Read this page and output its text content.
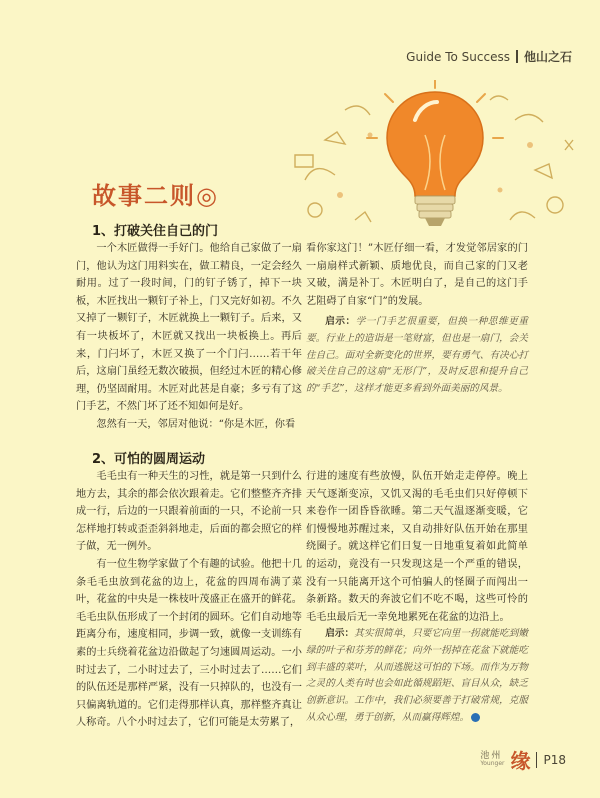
Guide To Success 他山之石
故事二则◎
1、打破关住自己的门

一个木匠做得一手好门。他给自己家做了一扇门，他认为这门用料实在，做工精良，一定会经久耐用。过了一段时间，门的钉子锈了，掉下一块板，木匠找出一颗钉子补上，门又完好如初。不久又掉了一颗钉子，木匠就换上一颗钉子。后来，又有一块板坏了，木匠就又找出一块板换上。再后来，门闩坏了，木匠又换了一个门闩……若干年后，这扇门虽经无数次破损，但经过木匠的精心修理，仍坚固耐用。木匠对此甚是自豪；多亏有了这门手艺，不然门坏了还不知如何是好。

忽然有一天，邻居对他说：“你是木匠，你看

看你家这门！”木匠仔细一看，才发觉邻居家的门一扇扇样式新颖、质地优良，而自己家的门又老又破，满是补丁。木匠明白了，是自己的这门手艺阻碍了自家“门”的发展。

启示：学一门手艺很重要，但换一种思维更重要。行业上的造诣是一笔财富，但也是一扇门，会关住自己。面对全新变化的世界，要有勇气、有决心打破关住自己的这扇“无形门”，及时反思和提升自己的“手艺”，这样才能更多看到外面美丽的风景。
2、可怕的圆周运动

毛毛虫有一种天生的习性，就是第一只到什么地方去，其余的都会依次跟着走。它们整整齐齐排成一行，后边的一只跟着前面的一只，不论前一只怎样地打转或歪歪斜斜地走，后面的都会照它的样子做，无一例外。

有一位生物学家做了个有趣的试验。他把十几条毛毛虫放到花盆的边上，花盆的四周布满了菜叶，花盆的中央是一株枝叶茂盛正在盛开的鲜花。毛毛虫队伍形成了一个封闭的圆环。它们自动地等距离分布，速度相同，步调一致，就像一支训练有素的士兵绕着花盆边沿做起了匀速圆周运动。一小时过去了，二小时过去了，三小时过去了……它们的队伍还是那样严紧，没有一只掉队的，也没有一只偏离轨道的。它们走得那样认真，那样整齐真让人称奇。八个小时过去了，它们可能是太劳累了，

行进的速度有些放慢，队伍开始走走停停。晚上天气逐渐变凉，又饥又渴的毛毛虫们只好停顿下来卷作一团昏昏欲睡。第二天气温逐渐变暖，它们慢慢地苏醒过来，又自动排好队伍开始在那里绕圈子。就这样它们日复一日地重复着如此简单的运动，竟没有一只发现这是一个严重的错误，没有一只能离开这个可怕骗人的怪圈子而闯出一条新路。数天的奔波它们不吃不喝，这些可怜的毛毛虫最后无一幸免地累死在花盆的边沿上。

启示：其实很简单，只要它向里一拐就能吃到嫩绿的叶子和芬芳的鲜花；向外一拐掉在花盆下就能吃到丰盛的菜叶，从而逃脱这可怕的下场。而作为万物之灵的人类有时也会如此循规蹈矩、盲目从众，缺乏创新意识。工作中，我们必须要善于打破常规，克服从众心理，勇于创新，从而赢得辉煌。
池州
Younger 缘 P18
